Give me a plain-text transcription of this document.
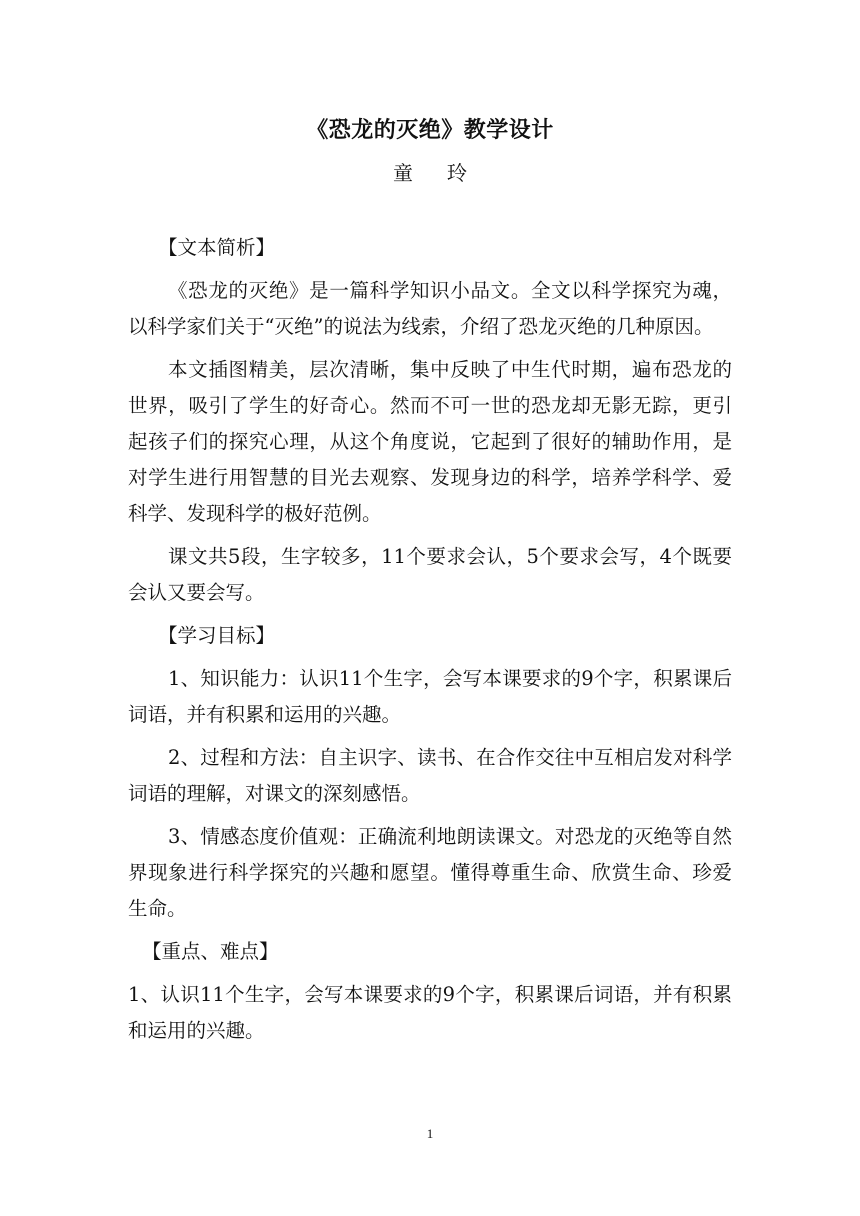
《恐龙的灭绝》教学设计
童 玲

【文本简析】

《恐龙的灭绝》是一篇科学知识小品文。全文以科学探究为魂，以科学家们关于“灭绝”的说法为线索，介绍了恐龙灭绝的几种原因。

本文插图精美，层次清晰，集中反映了中生代时期，遍布恐龙的世界，吸引了学生的好奇心。然而不可一世的恐龙却无影无踪，更引起孩子们的探究心理，从这个角度说，它起到了很好的辅助作用，是对学生进行用智慧的目光去观察、发现身边的科学，培养学科学、爱科学、发现科学的极好范例。

课文共5段，生字较多，11个要求会认，5个要求会写，4个既要会认又要会写。

【学习目标】

1、知识能力：认识11个生字，会写本课要求的9个字，积累课后词语，并有积累和运用的兴趣。

2、过程和方法：自主识字、读书、在合作交往中互相启发对科学词语的理解，对课文的深刻感悟。

3、情感态度价值观：正确流利地朗读课文。对恐龙的灭绝等自然界现象进行科学探究的兴趣和愿望。懂得尊重生命、欣赏生命、珍爱生命。

【重点、难点】

1、认识11个生字，会写本课要求的9个字，积累课后词语，并有积累和运用的兴趣。

1
